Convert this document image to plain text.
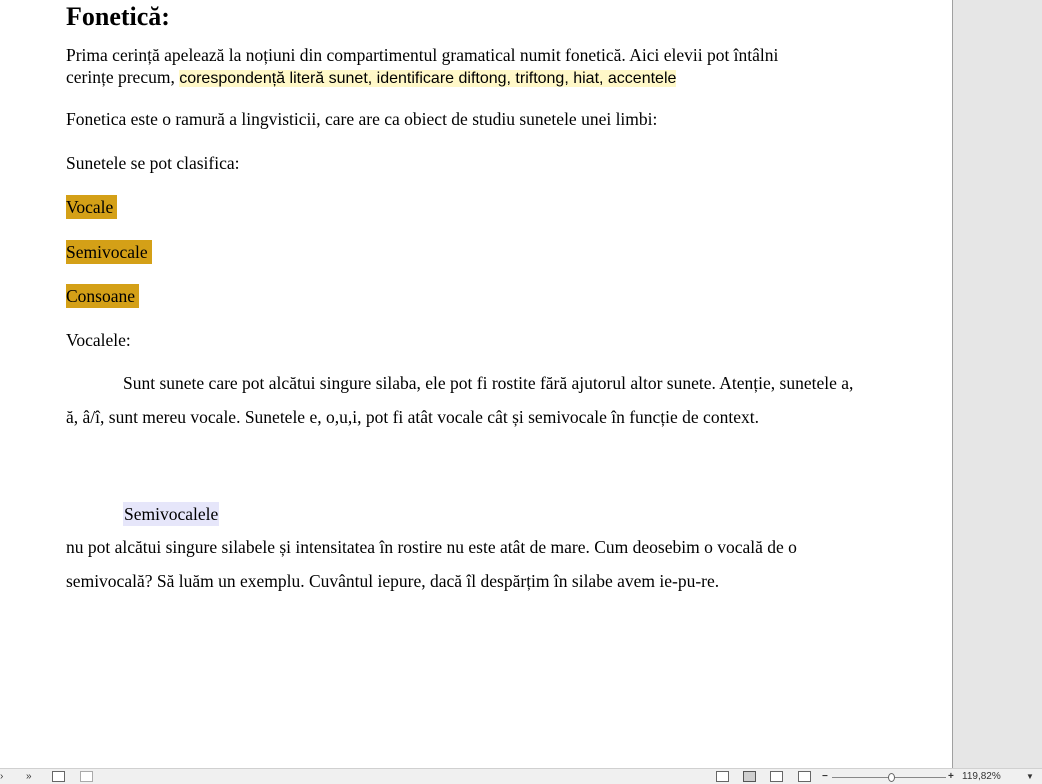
Fonetică:

Prima cerință apelează la noțiuni din compartimentul gramatical numit fonetică. Aici elevii pot întâlni

cerințe precum, corespondență literă sunet, identificare diftong, triftong, hiat, accentele

Fonetica este o ramură a lingvisticii, care are ca obiect de studiu sunetele unei limbi:

Sunetele se pot clasifica:

Vocale

Semivocale

Consoane

Vocalele:

Sunt sunete care pot alcătui singure silaba, ele pot fi rostite fără ajutorul altor sunete. Atenție, sunetele a, ă, â/î, sunt mereu vocale. Sunetele e, o,u,i, pot fi atât vocale cât și semivocale în funcție de context.

Semivocalele

nu pot alcătui singure silabele și intensitatea în rostire nu este atât de mare. Cum deosebim o vocală de o semivocală? Să luăm un exemplu. Cuvântul iepure, dacă îl despărțim în silabe avem ie-pu-re.

› »	−	+ 119,82%	▼
